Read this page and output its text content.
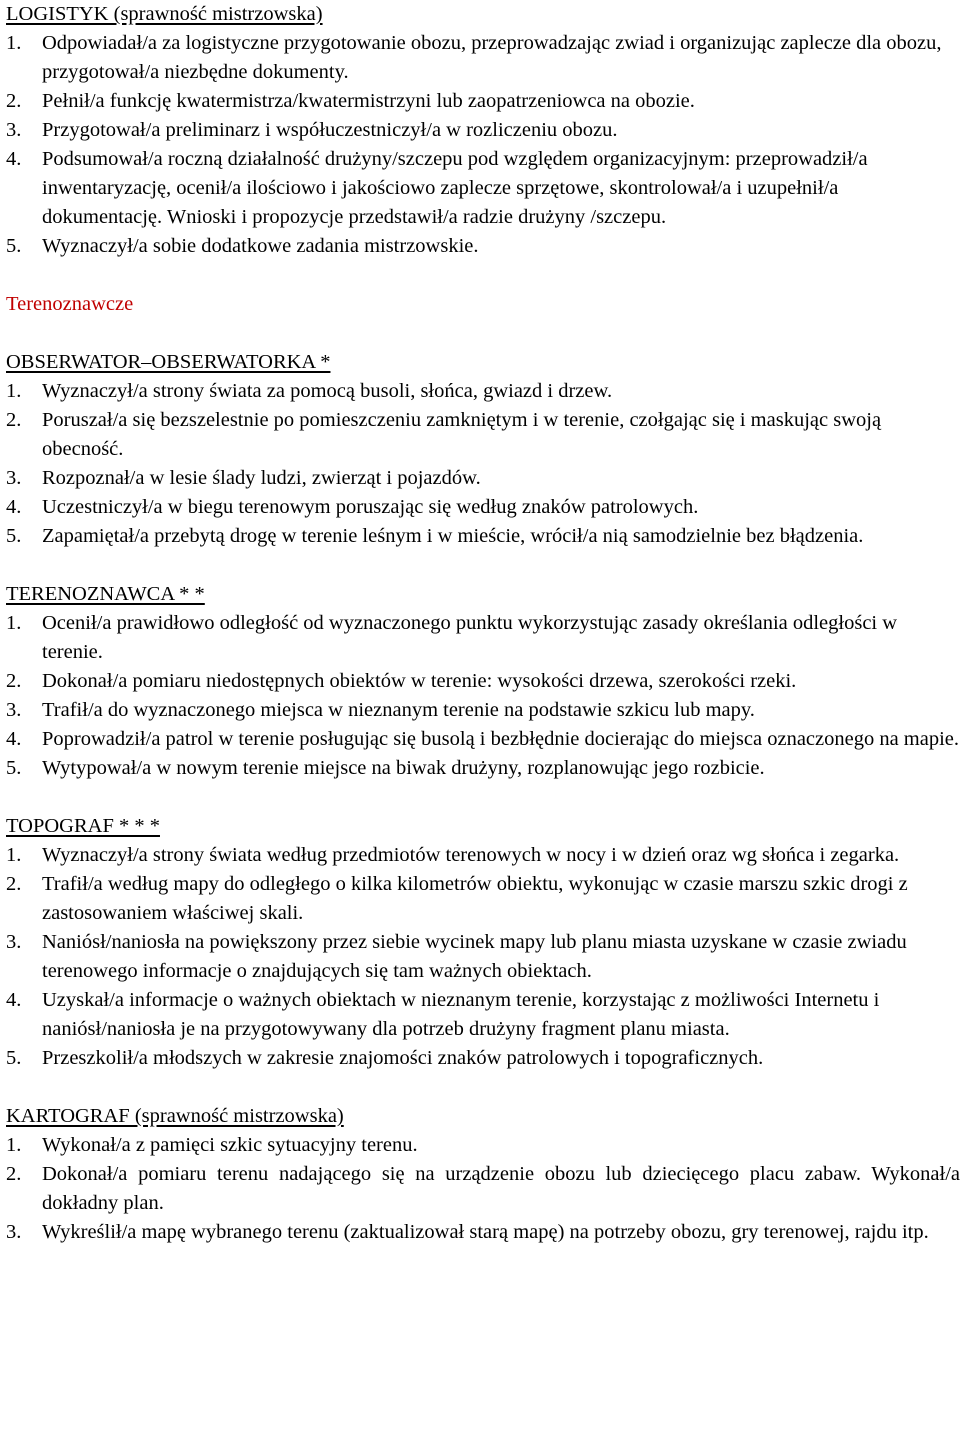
LOGISTYK (sprawność mistrzowska)
1. Odpowiadał/a za logistyczne przygotowanie obozu, przeprowadzając zwiad i organizując zaplecze dla obozu, przygotował/a niezbędne dokumenty.
2. Pełnił/a funkcję kwatermistrza/kwatermistrzyni lub zaopatrzeniowca na obozie.
3. Przygotował/a preliminarz i współuczestniczył/a w rozliczeniu obozu.
4. Podsumował/a roczną działalność drużyny/szczepu pod względem organizacyjnym: przeprowadził/a inwentaryzację, ocenił/a ilościowo i jakościowo zaplecze sprzętowe, skontrolował/a i uzupełnił/a dokumentację. Wnioski i propozycje przedstawił/a radzie drużyny /szczepu.
5. Wyznaczył/a sobie dodatkowe zadania mistrzowskie.
Terenoznawcze
OBSERWATOR–OBSERWATORKA *
1. Wyznaczył/a strony świata za pomocą busoli, słońca, gwiazd i drzew.
2. Poruszał/a się bezszelestnie po pomieszczeniu zamkniętym i w terenie, czołgając się i maskując swoją obecność.
3. Rozpoznał/a w lesie ślady ludzi, zwierząt i pojazdów.
4. Uczestniczył/a w biegu terenowym poruszając się według znaków patrolowych.
5. Zapamiętał/a przebytą drogę w terenie leśnym i w mieście, wrócił/a nią samodzielnie bez błądzenia.
TERENOZNAWCA * *
1. Ocenił/a prawidłowo odległość od wyznaczonego punktu wykorzystując zasady określania odległości w terenie.
2. Dokonał/a pomiaru niedostępnych obiektów w terenie: wysokości drzewa, szerokości rzeki.
3. Trafił/a do wyznaczonego miejsca w nieznanym terenie na podstawie szkicu lub mapy.
4. Poprowadził/a patrol w terenie posługując się busolą i bezbłędnie docierając do miejsca oznaczonego na mapie.
5. Wytypował/a w nowym terenie miejsce na biwak drużyny, rozplanowując jego rozbicie.
TOPOGRAF * * *
1. Wyznaczył/a strony świata według przedmiotów terenowych w nocy i w dzień oraz wg słońca i zegarka.
2. Trafił/a według mapy do odległego o kilka kilometrów obiektu, wykonując w czasie marszu szkic drogi z zastosowaniem właściwej skali.
3. Naniósł/naniosła na powiększony przez siebie wycinek mapy lub planu miasta uzyskane w czasie zwiadu terenowego informacje o znajdujących się tam ważnych obiektach.
4. Uzyskał/a informacje o ważnych obiektach w nieznanym terenie, korzystając z możliwości Internetu i naniósł/naniosła je na przygotowywany dla potrzeb drużyny fragment planu miasta.
5. Przeszkolił/a młodszych w zakresie znajomości znaków patrolowych i topograficznych.
KARTOGRAF (sprawność mistrzowska)
1. Wykonał/a z pamięci szkic sytuacyjny terenu.
2. Dokonał/a pomiaru terenu nadającego się na urządzenie obozu lub dziecięcego placu zabaw. Wykonał/a dokładny plan.
3. Wykreślił/a mapę wybranego terenu (zaktualizował starą mapę) na potrzeby obozu, gry terenowej, rajdu itp.
